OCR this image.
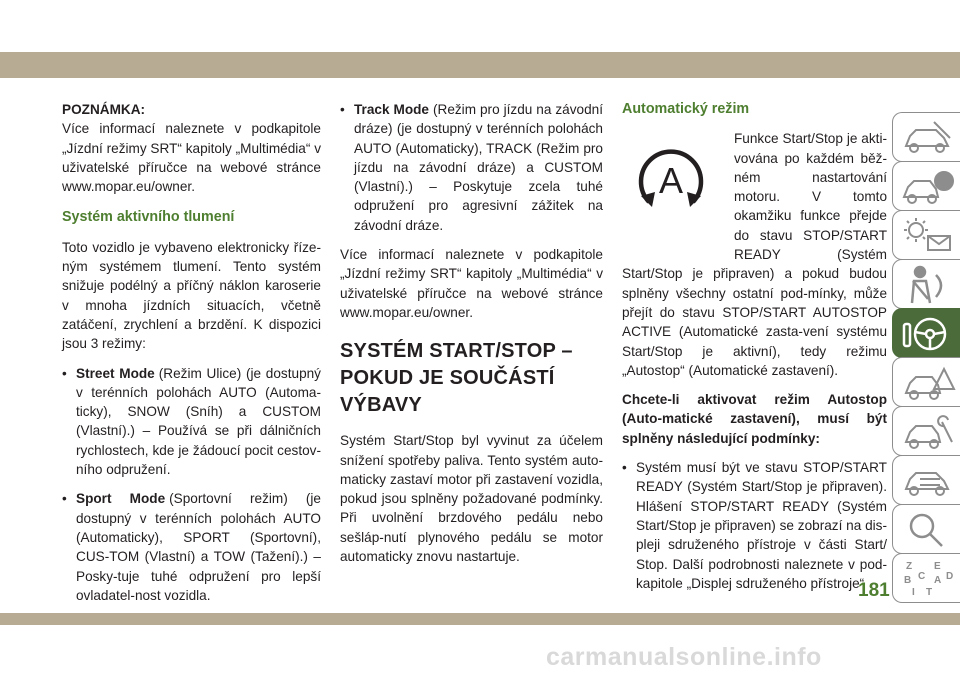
POZNÁMKA:

Více informací naleznete v podkapitole „Jízdní režimy SRT“ kapitoly „Multimédia“ v uživatelské příručce na webové stránce www.mopar.eu/owner.

Systém aktivního tlumení

Toto vozidlo je vybaveno elektronicky říze-ným systémem tlumení. Tento systém snižuje podélný a příčný náklon karoserie v mnoha jízdních situacích, včetně zatáčení, zrychlení a brzdění. K dispozici jsou 3 režimy:

• Street Mode (Režim Ulice) (je dostupný v terénních polohách AUTO (Automa-ticky), SNOW (Sníh) a CUSTOM (Vlastní).) – Používá se při dálničních rychlostech, kde je žádoucí pocit cestov-ního odpružení.
• Sport Mode (Sportovní režim) (je dostupný v terénních polohách AUTO (Automaticky), SPORT (Sportovní), CUS-TOM (Vlastní) a TOW (Tažení).) – Posky-tuje tuhé odpružení pro lepší ovladatel-nost vozidla.
• Track Mode (Režim pro jízdu na závodní dráze) (je dostupný v terénních polohách AUTO (Automaticky), TRACK (Režim pro jízdu na závodní dráze) a CUSTOM (Vlastní).) – Poskytuje zcela tuhé odpružení pro agresivní zážitek na závodní dráze.

Více informací naleznete v podkapitole „Jízdní režimy SRT“ kapitoly „Multimédia“ v uživatelské příručce na webové stránce www.mopar.eu/owner.

SYSTÉM START/STOP – POKUD JE SOUČÁSTÍ VÝBAVY

Systém Start/Stop byl vyvinut za účelem snížení spotřeby paliva. Tento systém auto-maticky zastaví motor při zastavení vozidla, pokud jsou splněny požadované podmínky. Při uvolnění brzdového pedálu nebo sešláp-nutí plynového pedálu se motor automaticky znovu nastartuje.

Automatický režim
A

Funkce Start/Stop je akti-vována po každém běž-ném nastartování motoru. V tomto okamžiku funkce přejde do stavu STOP/START READY (Systém Start/Stop je připraven) a pokud budou splněny všechny ostatní pod-mínky, může přejít do stavu STOP/START AUTOSTOP ACTIVE (Automatické zasta-vení systému Start/Stop je aktivní), tedy režimu „Autostop“ (Automatické zastavení).

Chcete-li aktivovat režim Autostop (Auto-matické zastavení), musí být splněny následující podmínky:

• Systém musí být ve stavu STOP/START READY (Systém Start/Stop je připraven). Hlášení STOP/START READY (Systém Start/Stop je připraven) se zobrazí na dis-pleji sdruženého přístroje v části Start/ Stop. Další podrobnosti naleznete v pod-kapitole „Displej sdruženého přístroje“
Z E
B C A D
I T
181
carmanualsonline.info
